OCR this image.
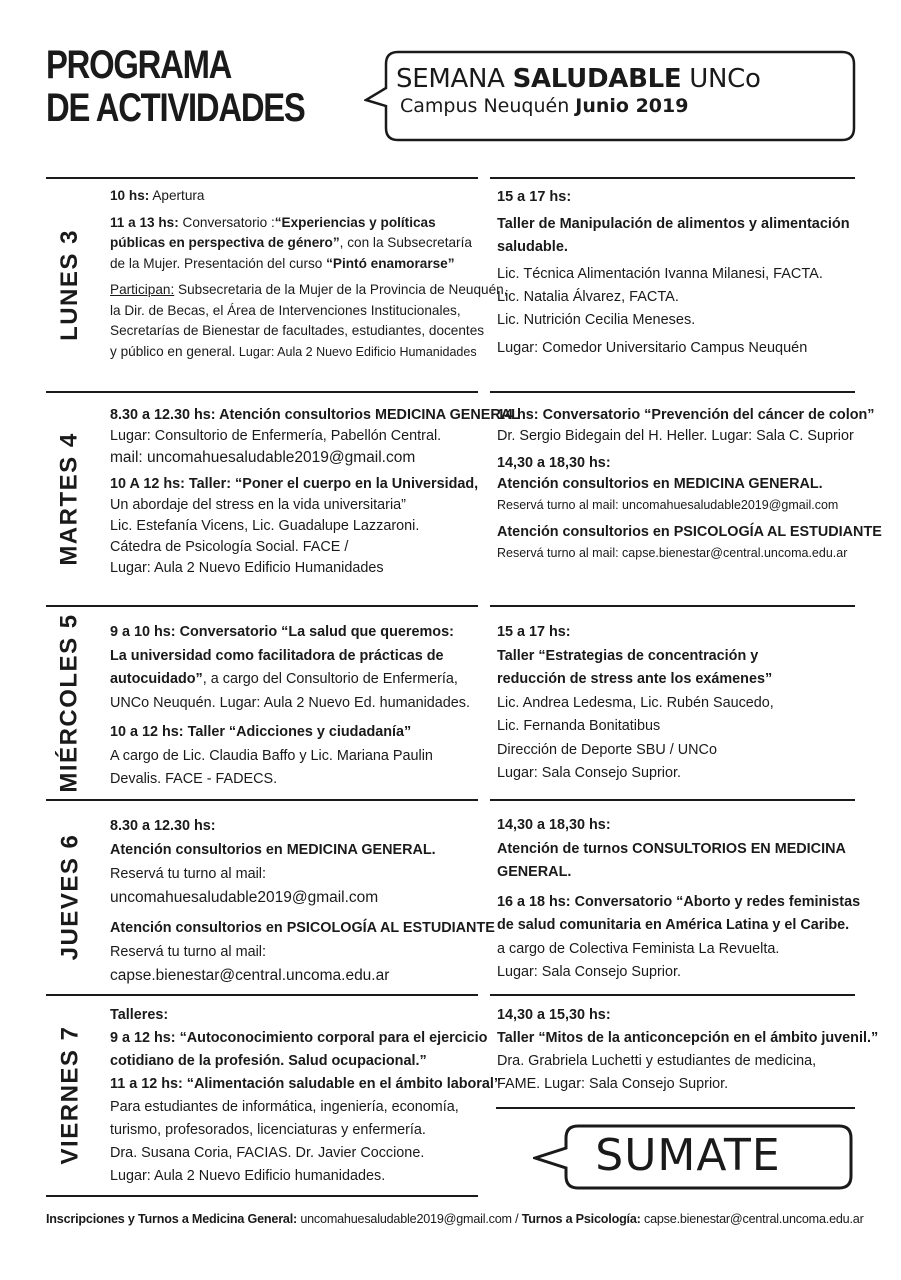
PROGRAMA
DE ACTIVIDADES
SEMANA SALUDABLE UNCo
Campus Neuquén Junio 2019
LUNES 3
MARTES 4
MIÉRCOLES 5
JUEVES 6
VIERNES 7

10 hs: Apertura

11 a 13 hs: Conversatorio :“Experiencias y políticas
públicas en perspectiva de género”, con la Subsecretaría

de la Mujer. Presentación del curso “Pintó enamorarse”

Participan: Subsecretaria de la Mujer de la Provincia de Neuquén,
la Dir. de Becas, el Área de Intervenciones Institucionales,
Secretarías de Bienestar de facultades, estudiantes, docentes
y público en general. Lugar: Aula 2 Nuevo Edificio Humanidades
15 a 17 hs:
Taller de Manipulación de alimentos y alimentación
saludable.
Lic. Técnica Alimentación Ivanna Milanesi, FACTA.
Lic. Natalia Álvarez, FACTA.
Lic. Nutrición Cecilia Meneses.
Lugar: Comedor Universitario Campus Neuquén
8.30 a 12.30 hs: Atención consultorios MEDICINA GENERAL
Lugar: Consultorio de Enfermería, Pabellón Central.

mail: uncomahuesaludable2019@gmail.com

10 A 12 hs: Taller: “Poner el cuerpo en la Universidad,
Un abordaje del stress en la vida universitaria”
Lic. Estefanía Vicens, Lic. Guadalupe Lazzaroni.
Cátedra de Psicología Social. FACE /
Lugar: Aula 2 Nuevo Edificio Humanidades
14 hs: Conversatorio “Prevención del cáncer de colon”

Dr. Sergio Bidegain del H. Heller. Lugar: Sala C. Suprior

14,30 a 18,30 hs:
Atención consultorios en MEDICINA GENERAL.

Reservá turno al mail: uncomahuesaludable2019@gmail.com

Atención consultorios en PSICOLOGÍA AL ESTUDIANTE
Reservá turno al mail: capse.bienestar@central.uncoma.edu.ar
9 a 10 hs: Conversatorio “La salud que queremos:
La universidad como facilitadora de prácticas de
autocuidado”, a cargo del Consultorio de Enfermería,

UNCo Neuquén. Lugar: Aula 2 Nuevo Ed. humanidades.

10 a 12 hs: Taller “Adicciones y ciudadanía”
A cargo de Lic. Claudia Baffo y Lic. Mariana Paulin
Devalis. FACE - FADECS.
15 a 17 hs:
Taller “Estrategias de concentración y
reducción de stress ante los exámenes”
Lic. Andrea Ledesma, Lic. Rubén Saucedo,
Lic. Fernanda Bonitatibus
Dirección de Deporte SBU / UNCo
Lugar: Sala Consejo Suprior.
8.30 a 12.30 hs:
Atención consultorios en MEDICINA GENERAL.
Reservá tu turno al mail:

uncomahuesaludable2019@gmail.com

Atención consultorios en PSICOLOGÍA AL ESTUDIANTE
Reservá tu turno al mail:
capse.bienestar@central.uncoma.edu.ar
14,30 a 18,30 hs:
Atención de turnos CONSULTORIOS EN MEDICINA

GENERAL.

16 a 18 hs: Conversatorio “Aborto y redes feministas
de salud comunitaria en América Latina y el Caribe.
a cargo de Colectiva Feminista La Revuelta.
Lugar: Sala Consejo Suprior.
Talleres:
9 a 12 hs: “Autoconocimiento corporal para el ejercicio
cotidiano de la profesión. Salud ocupacional.”
11 a 12 hs: “Alimentación saludable en el ámbito laboral”
Para estudiantes de informática, ingeniería, economía,
turismo, profesorados, licenciaturas y enfermería.
Dra. Susana Coria, FACIAS. Dr. Javier Coccione.
Lugar: Aula 2 Nuevo Edificio humanidades.
14,30 a 15,30 hs:
Taller “Mitos de la anticoncepción en el ámbito juvenil.”
Dra. Grabriela Luchetti y estudiantes de medicina,
FAME. Lugar: Sala Consejo Suprior.
SUMATE
Inscripciones y Turnos a Medicina General: uncomahuesaludable2019@gmail.com / Turnos a Psicología: capse.bienestar@central.uncoma.edu.ar
